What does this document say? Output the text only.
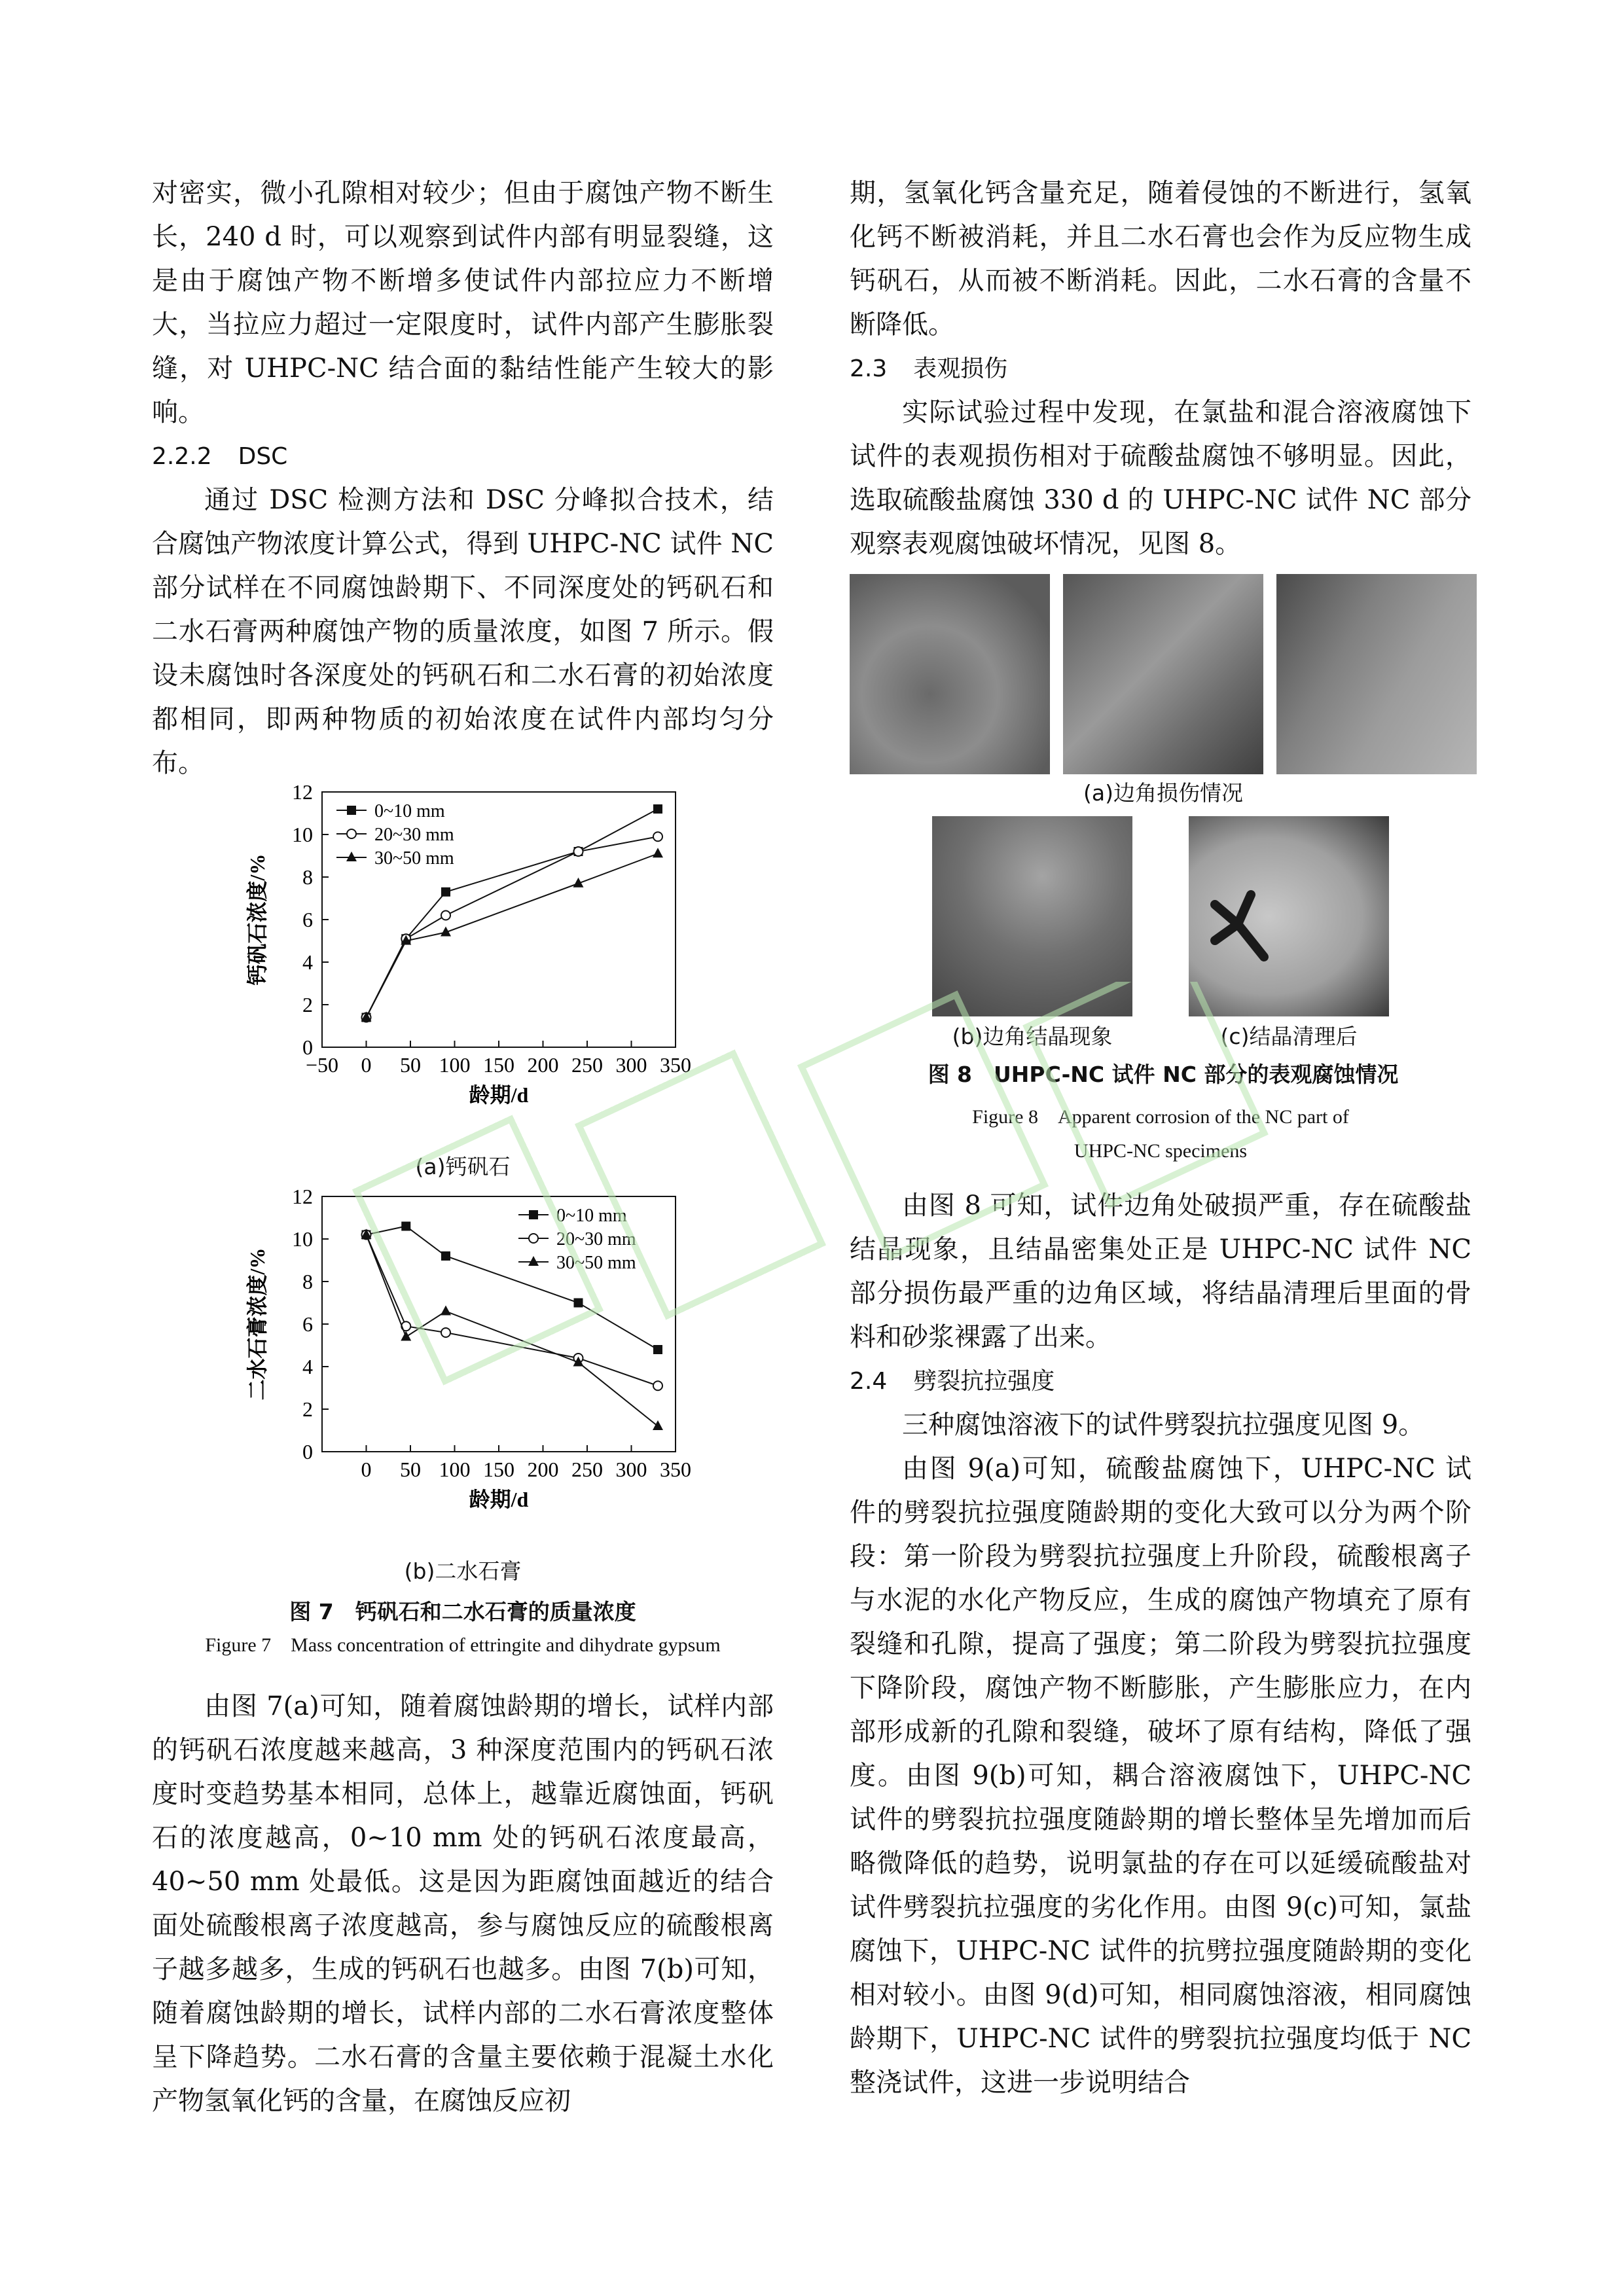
对密实，微小孔隙相对较少；但由于腐蚀产物不断生长，240 d 时，可以观察到试件内部有明显裂缝，这是由于腐蚀产物不断增多使试件内部拉应力不断增大，当拉应力超过一定限度时，试件内部产生膨胀裂缝，对 UHPC-NC 结合面的黏结性能产生较大的影响。

2.2.2 DSC

通过 DSC 检测方法和 DSC 分峰拟合技术，结合腐蚀产物浓度计算公式，得到 UHPC-NC 试件 NC 部分试样在不同腐蚀龄期下、不同深度处的钙矾石和二水石膏两种腐蚀产物的质量浓度，如图 7 所示。假设未腐蚀时各深度处的钙矾石和二水石膏的初始浓度都相同，即两种物质的初始浓度在试件内部均匀分布。

−50 0 50 100 150 200 250 300 350
0
2
4
6
8
10
12
龄期/d
钙矾石浓度/%
0~10 mm
20~30 mm
30~50 mm

(a)钙矾石

0 50 100 150 200 250 300 350
0
2
4
6
8
10
12
龄期/d
二水石膏浓度/%
0~10 mm
20~30 mm
30~50 mm

(b)二水石膏

图 7　钙矾石和二水石膏的质量浓度

Figure 7　Mass concentration of ettringite and dihydrate gypsum

由图 7(a)可知，随着腐蚀龄期的增长，试样内部的钙矾石浓度越来越高，3 种深度范围内的钙矾石浓度时变趋势基本相同，总体上，越靠近腐蚀面，钙矾石的浓度越高，0~10 mm 处的钙矾石浓度最高，40~50 mm 处最低。这是因为距腐蚀面越近的结合面处硫酸根离子浓度越高，参与腐蚀反应的硫酸根离子越多越多，生成的钙矾石也越多。由图 7(b)可知，随着腐蚀龄期的增长，试样内部的二水石膏浓度整体呈下降趋势。二水石膏的含量主要依赖于混凝土水化产物氢氧化钙的含量，在腐蚀反应初

期，氢氧化钙含量充足，随着侵蚀的不断进行，氢氧化钙不断被消耗，并且二水石膏也会作为反应物生成钙矾石，从而被不断消耗。因此，二水石膏的含量不断降低。

2.3 表观损伤

实际试验过程中发现，在氯盐和混合溶液腐蚀下试件的表观损伤相对于硫酸盐腐蚀不够明显。因此，选取硫酸盐腐蚀 330 d 的 UHPC-NC 试件 NC 部分观察表观腐蚀破坏情况，见图 8。

(a)边角损伤情况

(b)边角结晶现象	(c)结晶清理后

图 8　UHPC-NC 试件 NC 部分的表观腐蚀情况

Figure 8　Apparent corrosion of the NC part of

UHPC-NC specimens

由图 8 可知，试件边角处破损严重，存在硫酸盐结晶现象，且结晶密集处正是 UHPC-NC 试件 NC 部分损伤最严重的边角区域，将结晶清理后里面的骨料和砂浆裸露了出来。

2.4 劈裂抗拉强度

三种腐蚀溶液下的试件劈裂抗拉强度见图 9。

由图 9(a)可知，硫酸盐腐蚀下，UHPC-NC 试件的劈裂抗拉强度随龄期的变化大致可以分为两个阶段：第一阶段为劈裂抗拉强度上升阶段，硫酸根离子与水泥的水化产物反应，生成的腐蚀产物填充了原有裂缝和孔隙，提高了强度；第二阶段为劈裂抗拉强度下降阶段，腐蚀产物不断膨胀，产生膨胀应力，在内部形成新的孔隙和裂缝，破坏了原有结构，降低了强度。由图 9(b)可知，耦合溶液腐蚀下，UHPC-NC 试件的劈裂抗拉强度随龄期的增长整体呈先增加而后略微降低的趋势，说明氯盐的存在可以延缓硫酸盐对试件劈裂抗拉强度的劣化作用。由图 9(c)可知，氯盐腐蚀下，UHPC-NC 试件的抗劈拉强度随龄期的变化相对较小。由图 9(d)可知，相同腐蚀溶液，相同腐蚀龄期下，UHPC-NC 试件的劈裂抗拉强度均低于 NC 整浇试件，这进一步说明结合
